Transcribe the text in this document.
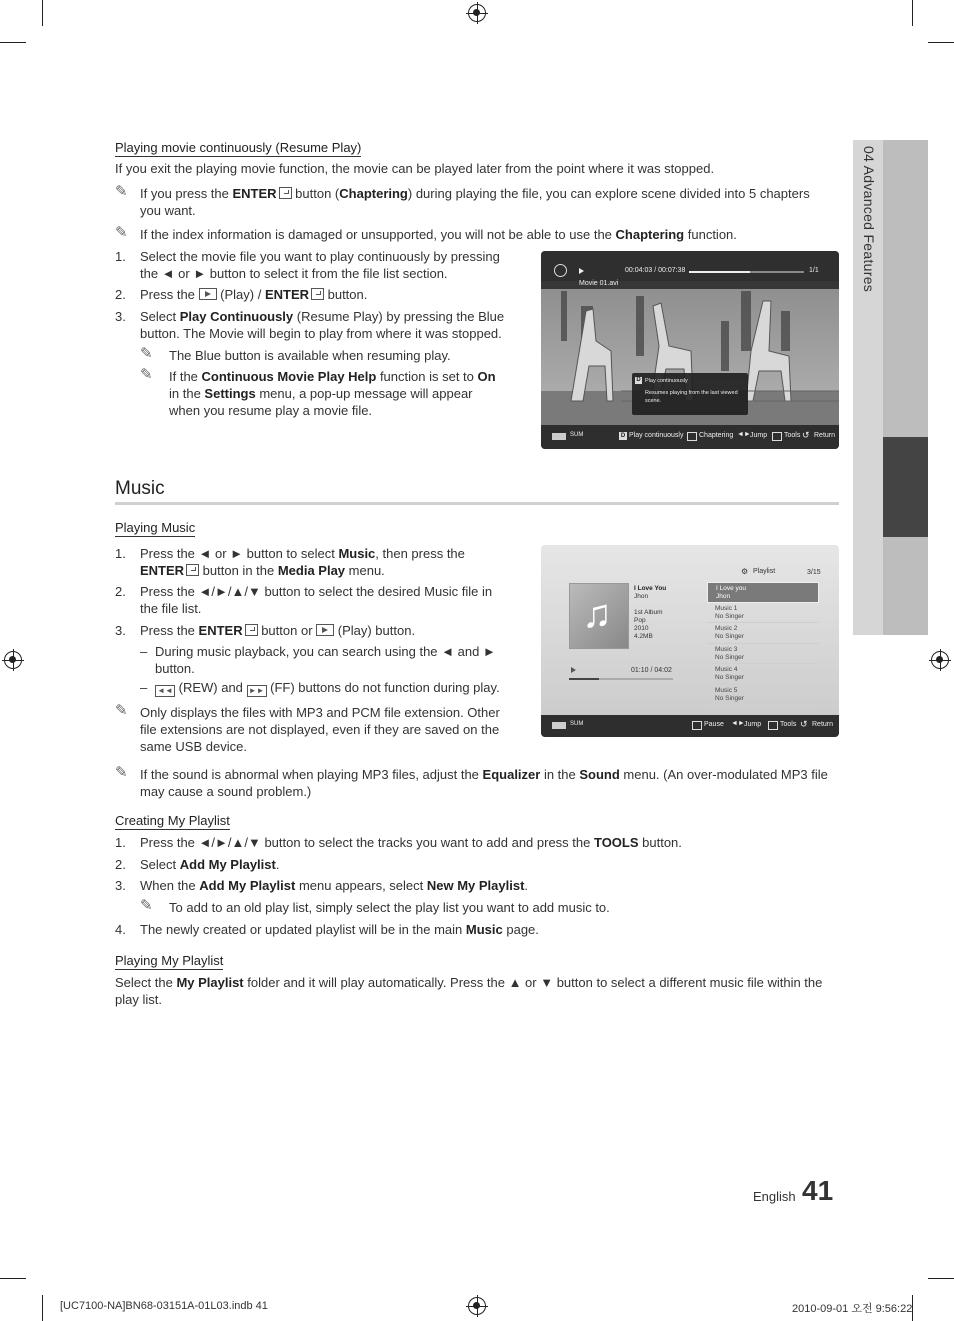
04 Advanced Features
Playing movie continuously (Resume Play)
If you exit the playing movie function, the movie can be played later from the point where it was stopped.
✎ If you press the ENTER button (Chaptering) during playing the file, you can explore scene divided into 5 chapters
you want.
✎ If the index information is damaged or unsupported, you will not be able to use the Chaptering function.
1. Select the movie file you want to play continuously by pressing
the ◄ or ► button to select it from the file list section.
2. Press the  (Play) / ENTER button.
3. Select Play Continuously (Resume Play) by pressing the Blue
button. The Movie will begin to play from where it was stopped.
✎ The Blue button is available when resuming play.
✎ If the Continuous Movie Play Help function is set to On
in the Settings menu, a pop-up message will appear
when you resume play a movie file.
00:04:03 / 00:07:38	1/1
Movie 01.avi
D Play continuously
Resumes playing from the last viewed
scene.
SUM	D Play continuously Chaptering ◄► Jump Tools ↺ Return
Music
Playing Music
1. Press the ◄ or ► button to select Music, then press the
ENTER button in the Media Play menu.
2. Press the ◄/►/▲/▼ button to select the desired Music file in
the file list.
3. Press the ENTER button or  (Play) button.
– During music playback, you can search using the ◄ and ►
button.
– ◄◄ (REW) and ►► (FF) buttons do not function during play.
✎ Only displays the files with MP3 and PCM file extension. Other
file extensions are not displayed, even if they are saved on the
same USB device.
✎ If the sound is abnormal when playing MP3 files, adjust the Equalizer in the Sound menu. (An over-modulated MP3 file
may cause a sound problem.)
♫
I Love You
Jhon
1st Album
Pop
2010
4.2MB
01:10 / 04:02
⚙ Playlist	3/15
I Love you
Jhon
Music 1
No Singer
Music 2
No Singer
Music 3
No Singer
Music 4
No Singer
Music 5
No Singer
SUM	Pause ◄► Jump	Tools ↺ Return
Creating My Playlist
1. Press the ◄/►/▲/▼ button to select the tracks you want to add and press the TOOLS button.
2. Select Add My Playlist.
3. When the Add My Playlist menu appears, select New My Playlist.
✎ To add to an old play list, simply select the play list you want to add music to.
4. The newly created or updated playlist will be in the main Music page.
Playing My Playlist
Select the My Playlist folder and it will play automatically. Press the ▲ or ▼ button to select a different music file within the
play list.
English 41
[UC7100-NA]BN68-03151A-01L03.indb 41	2010-09-01 오전 9:56:22
